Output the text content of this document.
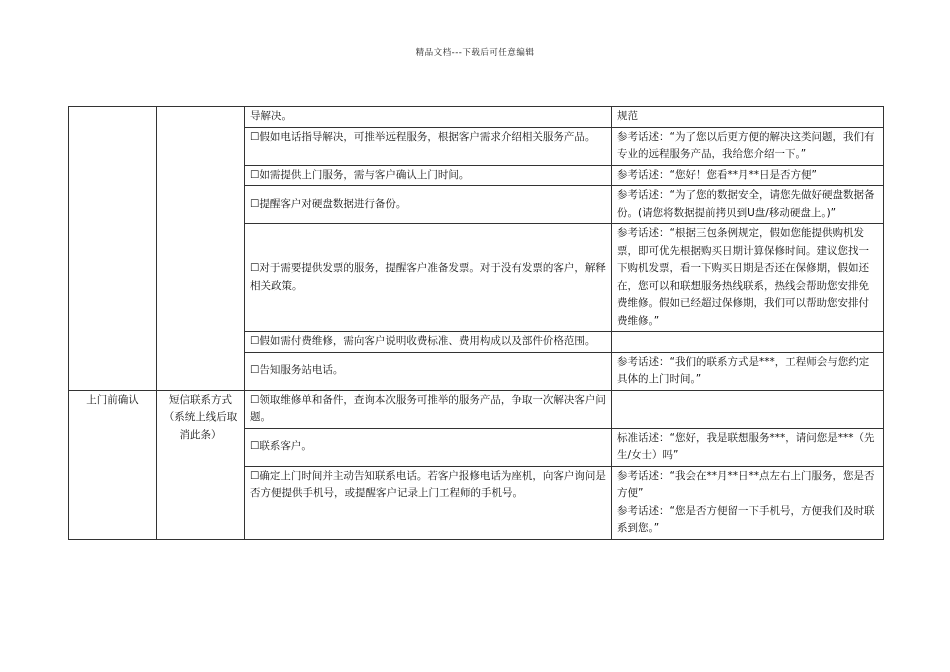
精品文档---下载后可任意编辑
		导解决。	规范
		☐假如电话指导解决，可推举远程服务，根据客户需求介绍相关服务产品。	参考话述：“为了您以后更方便的解决这类问题，我们有专业的远程服务产品，我给您介绍一下。”
		☐如需提供上门服务，需与客户确认上门时间。	参考话述：“您好！您看**月**日是否方便”
		☐提醒客户对硬盘数据进行备份。	参考话述：“为了您的数据安全，请您先做好硬盘数据备份。(请您将数据提前拷贝到U盘/移动硬盘上。)”
		☐对于需要提供发票的服务，提醒客户准备发票。对于没有发票的客户，解释相关政策。	参考话述：“根据三包条例规定，假如您能提供购机发票，即可优先根据购买日期计算保修时间。建议您找一下购机发票，看一下购买日期是否还在保修期，假如还在，您可以和联想服务热线联系，热线会帮助您安排免费维修。假如已经超过保修期，我们可以帮助您安排付费维修。”
		☐假如需付费维修，需向客户说明收费标准、费用构成以及部件价格范围。	
		☐告知服务站电话。	参考话述：“我们的联系方式是***，工程师会与您约定具体的上门时间。”
上门前确认	短信联系方式（系统上线后取消此条）	☐领取维修单和备件，查询本次服务可推举的服务产品，争取一次解决客户问题。	
		☐联系客户。	标准话述：“您好，我是联想服务***，请问您是***（先生/女士）吗”
		☐确定上门时间并主动告知联系电话。若客户报修电话为座机，向客户询问是否方便提供手机号，或提醒客户记录上门工程师的手机号。	参考话述：“我会在**月**日**点左右上门服务，您是否方便”
参考话述：“您是否方便留一下手机号，方便我们及时联系到您。”
